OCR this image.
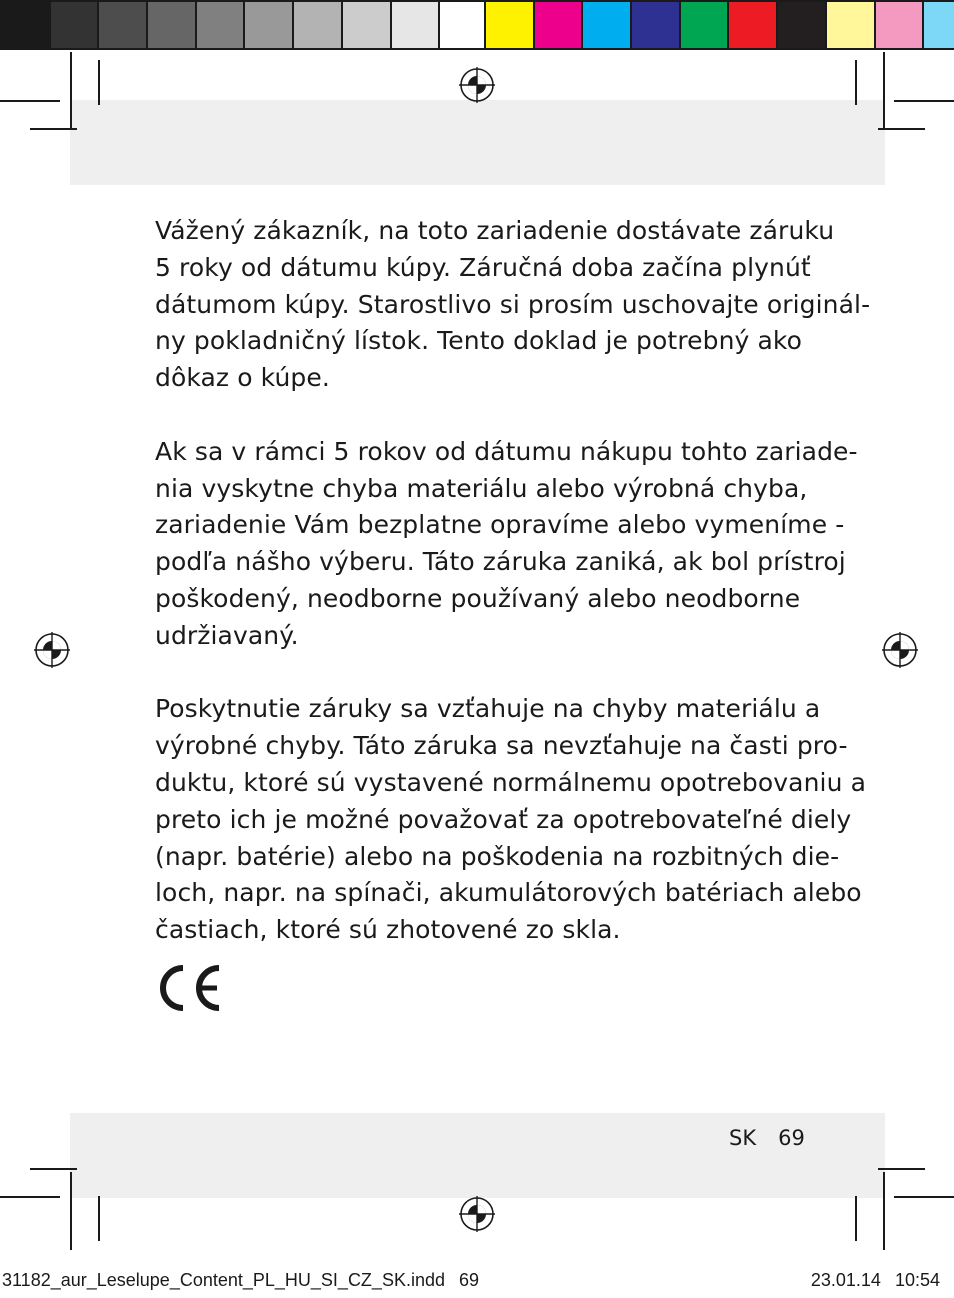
Vážený zákazník, na toto zariadenie dostávate záruku
5 roky od dátumu kúpy. Záručná doba začína plynúť
dátumom kúpy. Starostlivo si prosím uschovajte originál-
ny pokladničný lístok. Tento doklad je potrebný ako
dôkaz o kúpe.

Ak sa v rámci 5 rokov od dátumu nákupu tohto zariade-
nia vyskytne chyba materiálu alebo výrobná chyba,
zariadenie Vám bezplatne opravíme alebo vymeníme -
podľa nášho výberu. Táto záruka zaniká, ak bol prístroj
poškodený, neodborne používaný alebo neodborne
udržiavaný.

Poskytnutie záruky sa vzťahuje na chyby materiálu a
výrobné chyby. Táto záruka sa nevzťahuje na časti pro-
duktu, ktoré sú vystavené normálnemu opotrebovaniu a
preto ich je možné považovať za opotrebovateľné diely
(napr. batérie) alebo na poškodenia na rozbitných die-
loch, napr. na spínači, akumulátorových batériach alebo
častiach, ktoré sú zhotovené zo skla.

SK 69
31182_aur_Leselupe_Content_PL_HU_SI_CZ_SK.indd 69	23.01.14 10:54
